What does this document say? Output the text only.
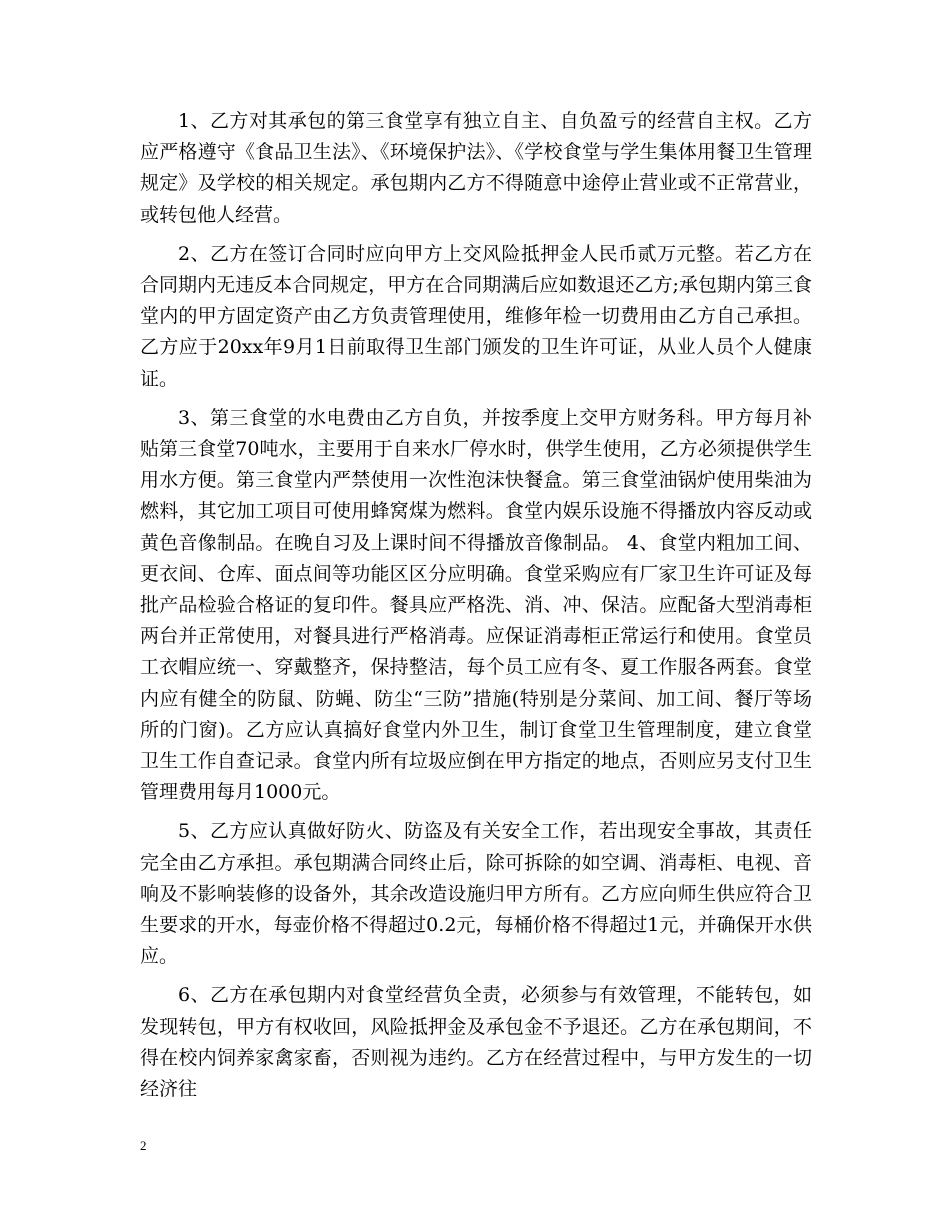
1、乙方对其承包的第三食堂享有独立自主、自负盈亏的经营自主权。乙方应严格遵守《食品卫生法》、《环境保护法》、《学校食堂与学生集体用餐卫生管理规定》及学校的相关规定。承包期内乙方不得随意中途停止营业或不正常营业，或转包他人经营。

2、乙方在签订合同时应向甲方上交风险抵押金人民币贰万元整。若乙方在合同期内无违反本合同规定，甲方在合同期满后应如数退还乙方;承包期内第三食堂内的甲方固定资产由乙方负责管理使用，维修年检一切费用由乙方自己承担。乙方应于20xx年9月1日前取得卫生部门颁发的卫生许可证，从业人员个人健康证。

3、第三食堂的水电费由乙方自负，并按季度上交甲方财务科。甲方每月补贴第三食堂70吨水，主要用于自来水厂停水时，供学生使用，乙方必须提供学生用水方便。第三食堂内严禁使用一次性泡沫快餐盒。第三食堂油锅炉使用柴油为燃料，其它加工项目可使用蜂窝煤为燃料。食堂内娱乐设施不得播放内容反动或黄色音像制品。在晚自习及上课时间不得播放音像制品。 4、食堂内粗加工间、更衣间、仓库、面点间等功能区区分应明确。食堂采购应有厂家卫生许可证及每批产品检验合格证的复印件。餐具应严格洗、消、冲、保洁。应配备大型消毒柜两台并正常使用，对餐具进行严格消毒。应保证消毒柜正常运行和使用。食堂员工衣帽应统一、穿戴整齐，保持整洁，每个员工应有冬、夏工作服各两套。食堂内应有健全的防鼠、防蝇、防尘“三防”措施(特别是分菜间、加工间、餐厅等场所的门窗)。乙方应认真搞好食堂内外卫生，制订食堂卫生管理制度，建立食堂卫生工作自查记录。食堂内所有垃圾应倒在甲方指定的地点，否则应另支付卫生管理费用每月1000元。

5、乙方应认真做好防火、防盗及有关安全工作，若出现安全事故，其责任完全由乙方承担。承包期满合同终止后，除可拆除的如空调、消毒柜、电视、音响及不影响装修的设备外，其余改造设施归甲方所有。乙方应向师生供应符合卫生要求的开水，每壶价格不得超过0.2元，每桶价格不得超过1元，并确保开水供应。

6、乙方在承包期内对食堂经营负全责，必须参与有效管理，不能转包，如发现转包，甲方有权收回，风险抵押金及承包金不予退还。乙方在承包期间，不得在校内饲养家禽家畜，否则视为违约。乙方在经营过程中，与甲方发生的一切经济往

2
